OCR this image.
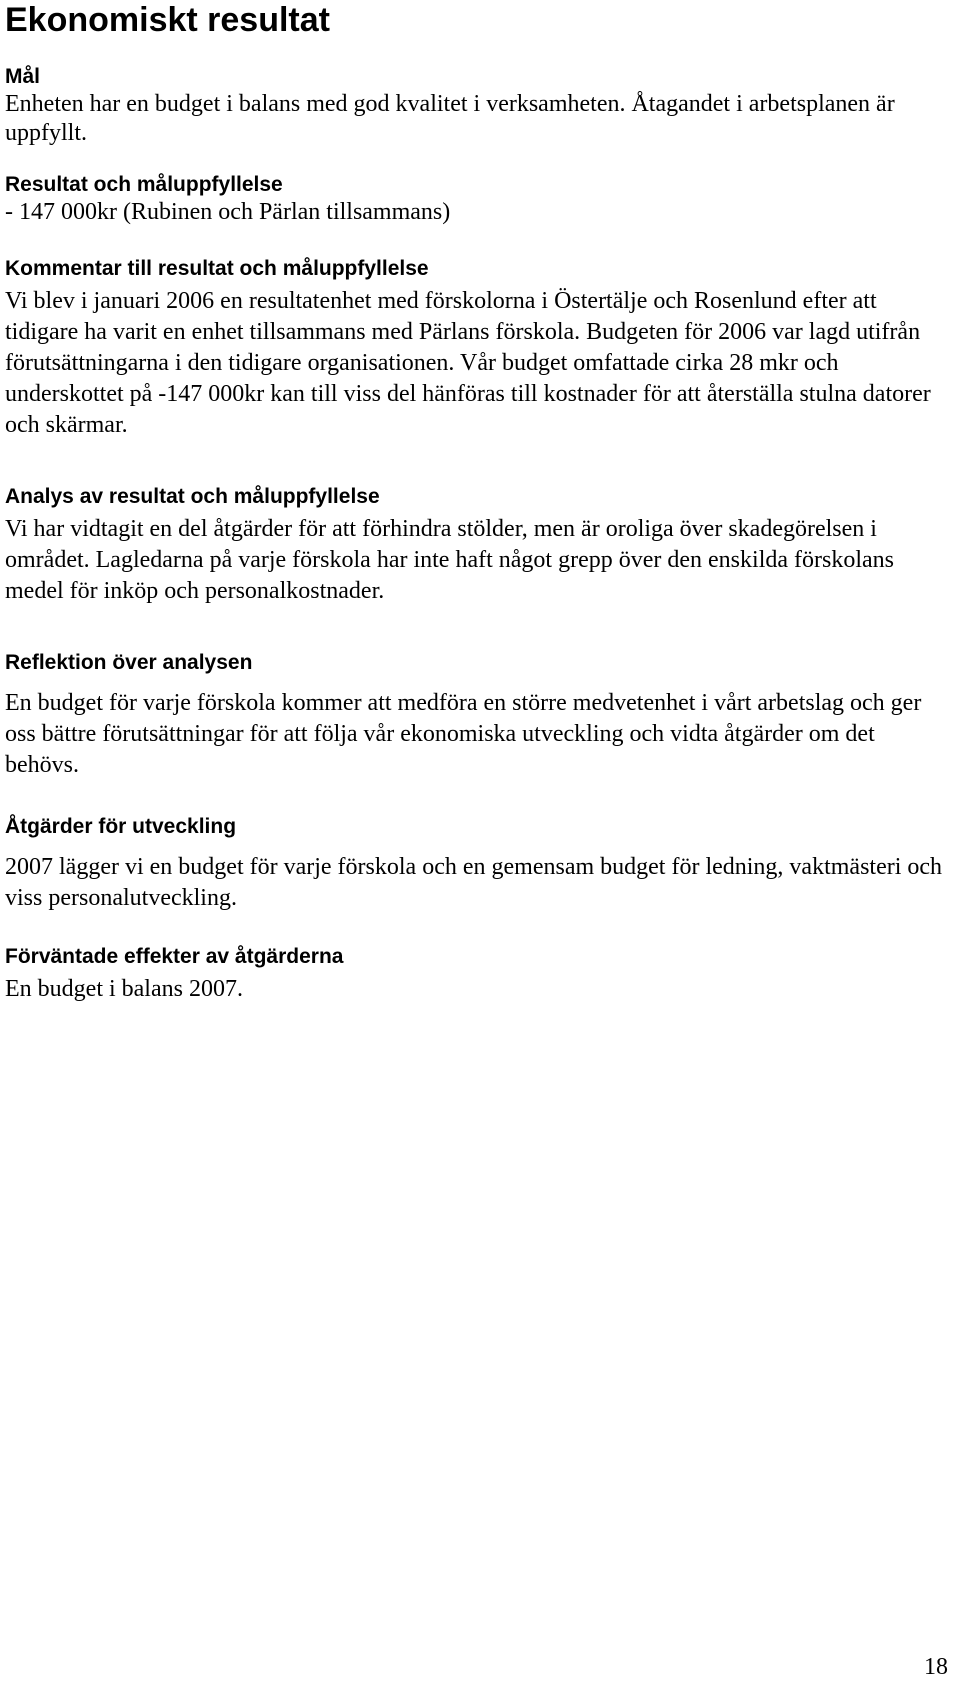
Ekonomiskt resultat
Mål
Enheten har en budget i balans med god kvalitet i verksamheten. Åtagandet i arbetsplanen är uppfyllt.
Resultat och måluppfyllelse
- 147 000kr (Rubinen och Pärlan tillsammans)
Kommentar till resultat och måluppfyllelse
Vi blev i januari 2006 en resultatenhet med förskolorna i Östertälje och Rosenlund efter att tidigare ha varit en enhet tillsammans med Pärlans förskola. Budgeten för 2006 var lagd utifrån förutsättningarna i den tidigare organisationen. Vår budget omfattade cirka 28 mkr och underskottet på -147 000kr kan till viss del hänföras till kostnader för att återställa stulna datorer och skärmar.
Analys av resultat och måluppfyllelse
Vi har vidtagit en del åtgärder för att förhindra stölder, men är oroliga över skadegörelsen i området. Lagledarna på varje förskola har inte haft något grepp över den enskilda förskolans medel för inköp och personalkostnader.
Reflektion över analysen
En budget för varje förskola kommer att medföra en större medvetenhet i vårt arbetslag och ger oss bättre förutsättningar för att följa vår ekonomiska utveckling och vidta åtgärder om det behövs.
Åtgärder för utveckling
2007 lägger vi en budget för varje förskola och en gemensam budget för ledning, vaktmästeri och viss personalutveckling.
Förväntade effekter av åtgärderna
En budget i balans 2007.
18
